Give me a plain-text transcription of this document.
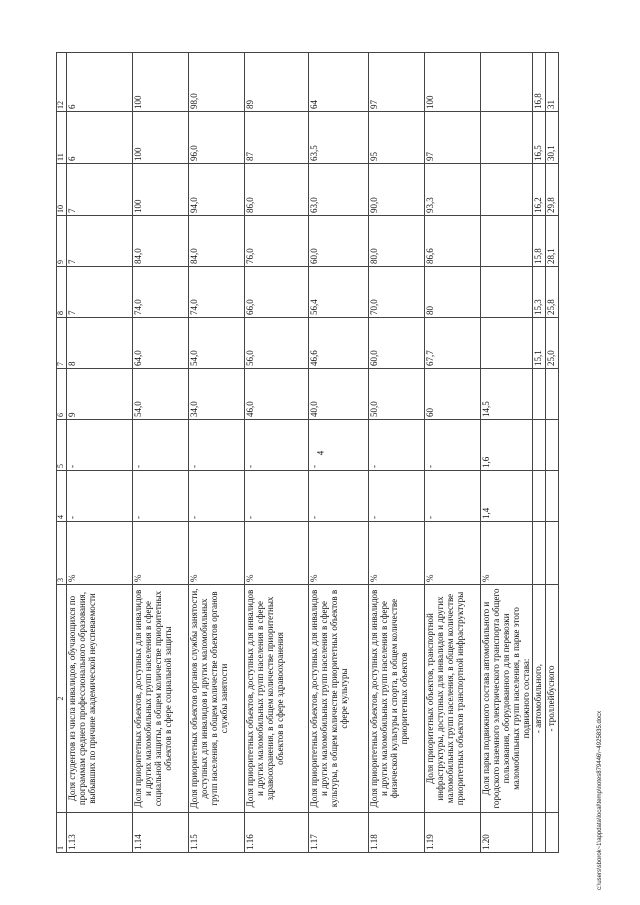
4
1	2	3	4	5	6	7	8	9	10	11	12
1.13	Доля студентов из числа инвалидов, обучающихся по программам среднего профессионального образования, выбывших по причине академической неуспеваемости	%	-	-	9	8	7	7	7	6	6
1.14	Доля приоритетных объектов, доступных для инвалидов и других маломобильных групп населения в сфере социальной защиты, в общем количестве приоритетных объектов в сфере социальной защиты	%	-	-	54,0	64,0	74,0	84,0	100	100	100
1.15	Доля приоритетных объектов органов службы занятости, доступных для инвалидов и других маломобильных групп населения, в общем количестве объектов органов службы занятости	%	-	-	34,0	54,0	74,0	84,0	94,0	96,0	98,0
1.16	Доля приоритетных объектов, доступных для инвалидов и других маломобильных групп населения в сфере здравоохранения, в общем количестве приоритетных объектов в сфере здравоохранения	%	-	-	46,0	56,0	66,0	76,0	86,0	87	89
1.17	Доля приоритетных объектов, доступных для инвалидов и других маломобильных групп населения в сфере культуры, в общем количестве приоритетных объектов в сфере культуры	%	-	-	40,0	46,6	56,4	60,0	63,0	63,5	64
1.18	Доля приоритетных объектов, доступных для инвалидов и других маломобильных групп населения в сфере физической культуры и спорта, в общем количестве приоритетных объектов	%	-	-	50,0	60,0	70,0	80,0	90,0	95	97
1.19	Доля приоритетных объектов, транспортной инфраструктуры, доступных для инвалидов и других маломобильных групп населения, в общем количестве приоритетных объектов транспортной инфраструктуры	%	-	-	60	67,7	80	86,6	93,3	97	100
1.20	Доля парка подвижного состава автомобильного и городского наземного электрического транспорта общего пользования, оборудованного для перевозки маломобильных групп населения, в парке этого подвижного состава:	%	1,4	1,6	14,5						
	- автомобильного,					15,1	15,3	15,8	16,2	16,5	16,8
	- троллейбусного					25,0	25,8	28,1	29,8	30,1	31
c:\users\sborok~1\appdata\local\temp\notes879446\~4925835.docx
